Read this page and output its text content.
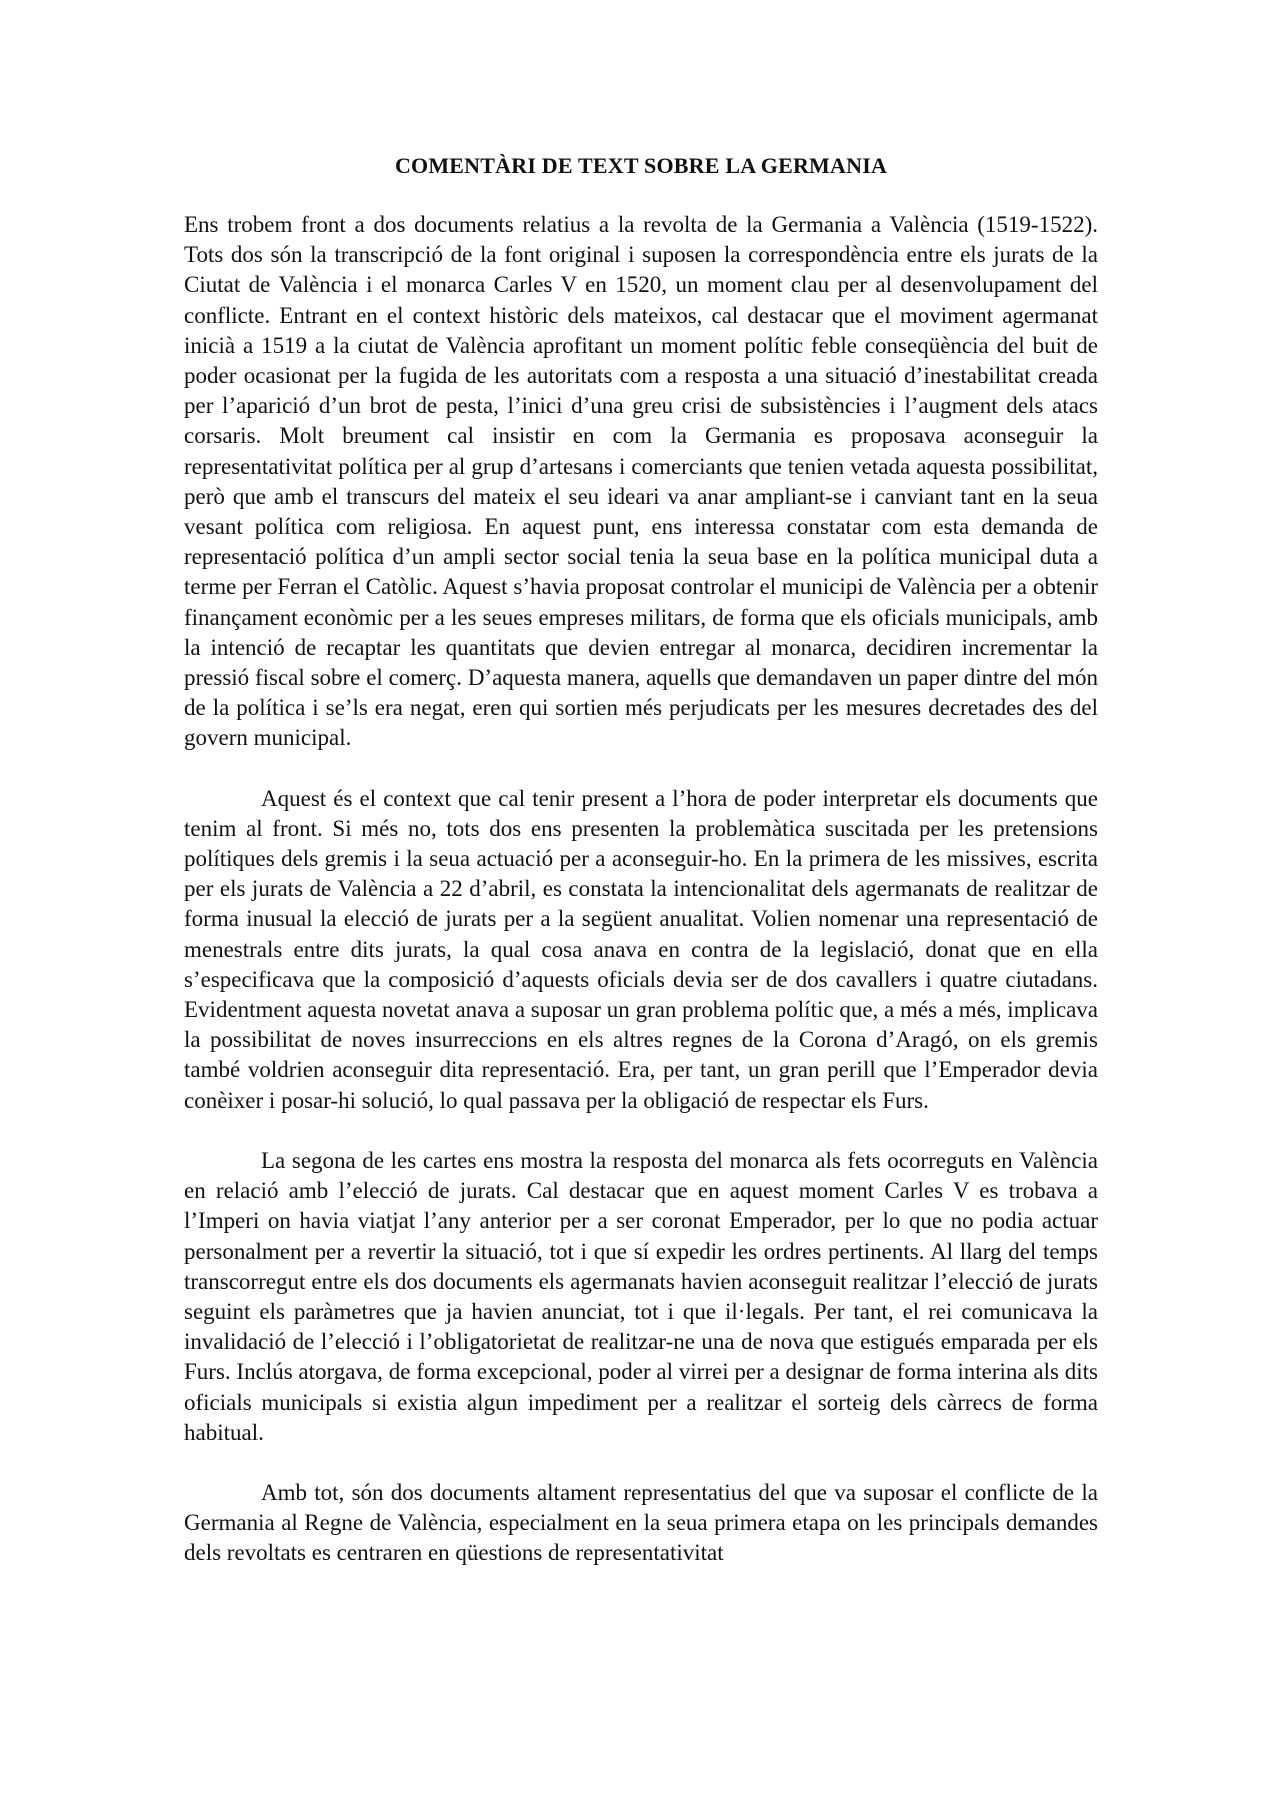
COMENTÀRI DE TEXT SOBRE LA GERMANIA

Ens trobem front a dos documents relatius a la revolta de la Germania a València (1519-1522). Tots dos són la transcripció de la font original i suposen la correspondència entre els jurats de la Ciutat de València i el monarca Carles V en 1520, un moment clau per al desenvolupament del conflicte. Entrant en el context històric dels mateixos, cal destacar que el moviment agermanat inicià a 1519 a la ciutat de València aprofitant un moment polític feble conseqüència del buit de poder ocasionat per la fugida de les autoritats com a resposta a una situació d’inestabilitat creada per l’aparició d’un brot de pesta, l’inici d’una greu crisi de subsistències i l’augment dels atacs corsaris. Molt breument cal insistir en com la Germania es proposava aconseguir la representativitat política per al grup d’artesans i comerciants que tenien vetada aquesta possibilitat, però que amb el transcurs del mateix el seu ideari va anar ampliant-se i canviant tant en la seua vesant política com religiosa. En aquest punt, ens interessa constatar com esta demanda de representació política d’un ampli sector social tenia la seua base en la política municipal duta a terme per Ferran el Catòlic. Aquest s’havia proposat controlar el municipi de València per a obtenir finançament econòmic per a les seues empreses militars, de forma que els oficials municipals, amb la intenció de recaptar les quantitats que devien entregar al monarca, decidiren incrementar la pressió fiscal sobre el comerç. D’aquesta manera, aquells que demandaven un paper dintre del món de la política i se’ls era negat, eren qui sortien més perjudicats per les mesures decretades des del govern municipal.

Aquest és el context que cal tenir present a l’hora de poder interpretar els documents que tenim al front. Si més no, tots dos ens presenten la problemàtica suscitada per les pretensions polítiques dels gremis i la seua actuació per a aconseguir-ho. En la primera de les missives, escrita per els jurats de València a 22 d’abril, es constata la intencionalitat dels agermanats de realitzar de forma inusual la elecció de jurats per a la següent anualitat. Volien nomenar una representació de menestrals entre dits jurats, la qual cosa anava en contra de la legislació, donat que en ella s’especificava que la composició d’aquests oficials devia ser de dos cavallers i quatre ciutadans. Evidentment aquesta novetat anava a suposar un gran problema polític que, a més a més, implicava la possibilitat de noves insurreccions en els altres regnes de la Corona d’Aragó, on els gremis també voldrien aconseguir dita representació. Era, per tant, un gran perill que l’Emperador devia conèixer i posar-hi solució, lo qual passava per la obligació de respectar els Furs.

La segona de les cartes ens mostra la resposta del monarca als fets ocorreguts en València en relació amb l’elecció de jurats. Cal destacar que en aquest moment Carles V es trobava a l’Imperi on havia viatjat l’any anterior per a ser coronat Emperador, per lo que no podia actuar personalment per a revertir la situació, tot i que sí expedir les ordres pertinents. Al llarg del temps transcorregut entre els dos documents els agermanats havien aconseguit realitzar l’elecció de jurats seguint els paràmetres que ja havien anunciat, tot i que il·legals. Per tant, el rei comunicava la invalidació de l’elecció i l’obligatorietat de realitzar-ne una de nova que estigués emparada per els Furs. Inclús atorgava, de forma excepcional, poder al virrei per a designar de forma interina als dits oficials municipals si existia algun impediment per a realitzar el sorteig dels càrrecs de forma habitual.

Amb tot, són dos documents altament representatius del que va suposar el conflicte de la Germania al Regne de València, especialment en la seua primera etapa on les principals demandes dels revoltats es centraren en qüestions de representativitat
